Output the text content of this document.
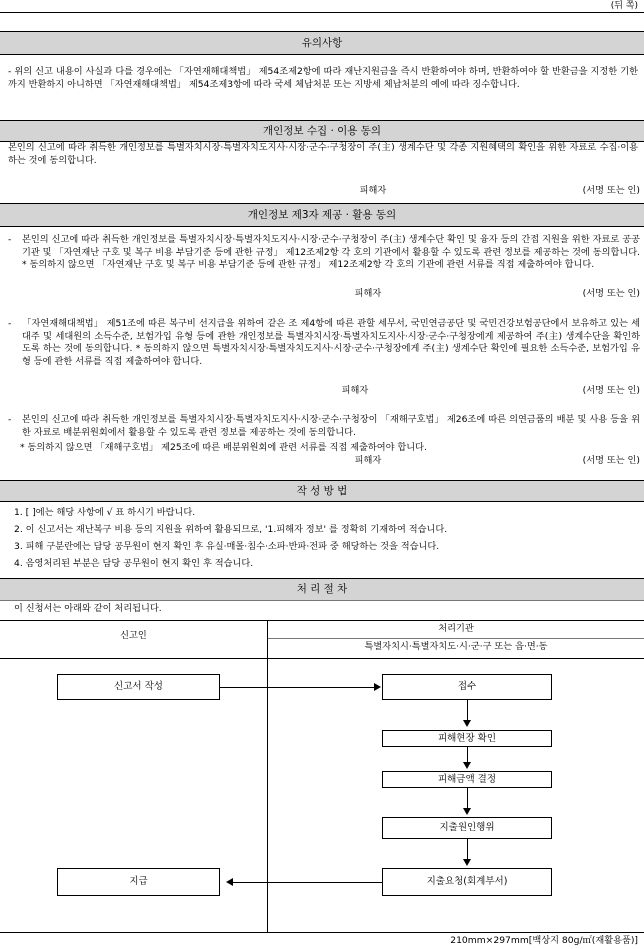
(뒤 쪽)
유의사항
- 위의 신고 내용이 사실과 다를 경우에는 「자연재해대책법」 제54조제2항에 따라 재난지원금을 즉시 반환하여야 하며, 반환하여야 할 반환금을 지정한 기한까지 반환하지 아니하면 「자연재해대책법」 제54조제3항에 따라 국세 체납처분 또는 지방세 체납처분의 예에 따라 징수합니다.
개인정보 수집 · 이용 동의
본인의 신고에 따라 취득한 개인정보를 특별자치시장·특별자치도지사·시장·군수·구청장이 주(主) 생계수단 및 각종 지원혜택의 확인을 위한 자료로 수집·이용하는 것에 동의합니다.
피해자	(서명 또는 인)
개인정보 제3자 제공 · 활용 동의
- 본인의 신고에 따라 취득한 개인정보를 특별자치시장·특별자치도지사·시장·군수·구청장이 주(主) 생계수단 확인 및 융자 등의 간접 지원을 위한 자료로 공공기관 및 「자연재난 구호 및 복구 비용 부담기준 등에 관한 규정」 제12조제2항 각 호의 기관에서 활용할 수 있도록 관련 정보를 제공하는 것에 동의합니다. * 동의하지 않으면 「자연재난 구호 및 복구 비용 부담기준 등에 관한 규정」 제12조제2항 각 호의 기관에 관련 서류를 직접 제출하여야 합니다.
피해자	(서명 또는 인)
- 「자연재해대책법」 제51조에 따른 복구비 선지급을 위하여 같은 조 제4항에 따른 관할 세무서, 국민연금공단 및 국민건강보험공단에서 보유하고 있는 세대주 및 세대원의 소득수준, 보험가입 유형 등에 관한 개인정보를 특별자치시장·특별자치도지사·시장·군수·구청장에게 제공하여 주(主) 생계수단을 확인하도록 하는 것에 동의합니다. * 동의하지 않으면 특별자치시장·특별자치도지사·시장·군수·구청장에게 주(主) 생계수단 확인에 필요한 소득수준, 보험가입 유형 등에 관한 서류를 직접 제출하여야 합니다.
피해자	(서명 또는 인)
- 본인의 신고에 따라 취득한 개인정보를 특별자치시장·특별자치도지사·시장·군수·구청장이 「재해구호법」 제26조에 따른 의연금품의 배분 및 사용 등을 위한 자료로 배분위원회에서 활용할 수 있도록 관련 정보를 제공하는 것에 동의합니다.
* 동의하지 않으면 「재해구호법」 제25조에 따른 배분위원회에 관련 서류를 직접 제출하여야 합니다.
피해자	(서명 또는 인)
작 성 방 법
1. [ ]에는 해당 사항에 √ 표 하시기 바랍니다.
2. 이 신고서는 재난복구 비용 등의 지원을 위하여 활용되므로, '1.피해자 정보' 를 정확히 기재하여 적습니다.
3. 피해 구분란에는 담당 공무원이 현지 확인 후 유실·매몰·침수·소파·반파·전파 중 해당하는 것을 적습니다.
4. 음영처리된 부분은 담당 공무원이 현지 확인 후 적습니다.
처 리 절 차
이 신청서는 아래와 같이 처리됩니다.
신고인
처리기관
특별자치시·특별자치도·시·군·구 또는 읍·면·동
신고서 작성	접수
피해현장 확인
피해금액 결정
지출원인행위
지출요청(회계부서)
지급
210mm×297mm[백상지 80g/㎡(재활용품)]
